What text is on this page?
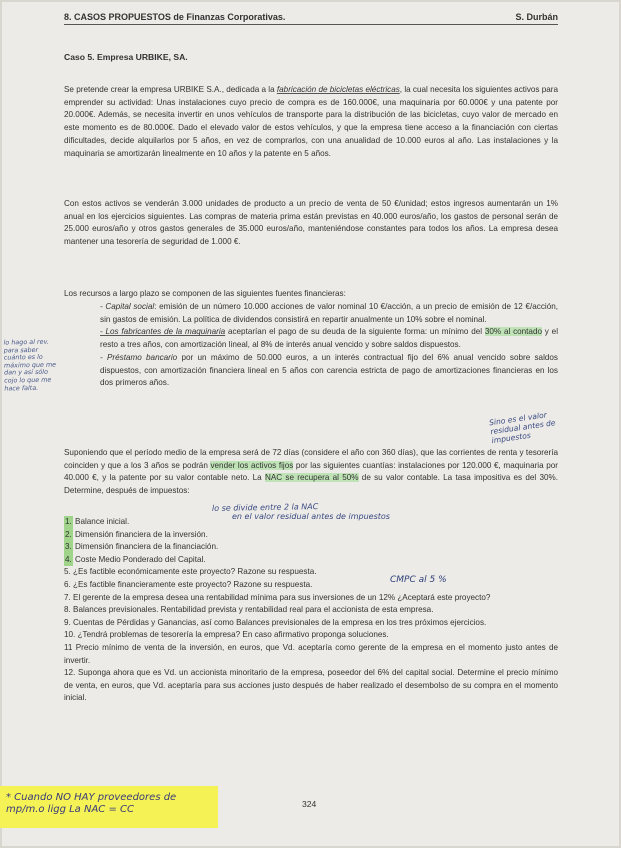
8. CASOS PROPUESTOS de Finanzas Corporativas.	S. Durbán
Caso 5. Empresa URBIKE, SA.

Se pretende crear la empresa URBIKE S.A., dedicada a la fabricación de bicicletas eléctricas, la cual necesita los siguientes activos para emprender su actividad: Unas instalaciones cuyo precio de compra es de 160.000€, una maquinaria por 60.000€ y una patente por 20.000€. Además, se necesita invertir en unos vehículos de transporte para la distribución de las bicicletas, cuyo valor de mercado en este momento es de 80.000€. Dado el elevado valor de estos vehículos, y que la empresa tiene acceso a la financiación con ciertas dificultades, decide alquilarlos por 5 años, en vez de comprarlos, con una anualidad de 10.000 euros al año. Las instalaciones y la maquinaria se amortizarán linealmente en 10 años y la patente en 5 años.

Con estos activos se venderán 3.000 unidades de producto a un precio de venta de 50 €/unidad; estos ingresos aumentarán un 1% anual en los ejercicios siguientes. Las compras de materia prima están previstas en 40.000 euros/año, los gastos de personal serán de 25.000 euros/año y otros gastos generales de 35.000 euros/año, manteniéndose constantes para todos los años. La empresa desea mantener una tesorería de seguridad de 1.000 €.

Los recursos a largo plazo se componen de las siguientes fuentes financieras:

- Capital social: emisión de un número 10.000 acciones de valor nominal 10 €/acción, a un precio de emisión de 12 €/acción, sin gastos de emisión. La política de dividendos consistirá en repartir anualmente un 10% sobre el nominal.

- Los fabricantes de la maquinaria aceptarían el pago de su deuda de la siguiente forma: un mínimo del 30% al contado y el resto a tres años, con amortización lineal, al 8% de interés anual vencido y sobre saldos dispuestos.

- Préstamo bancario por un máximo de 50.000 euros, a un interés contractual fijo del 6% anual vencido sobre saldos dispuestos, con amortización financiera lineal en 5 años con carencia estricta de pago de amortizaciones financieras en los dos primeros años.

Suponiendo que el período medio de la empresa será de 72 días (considere el año con 360 días), que las corrientes de renta y tesorería coinciden y que a los 3 años se podrán vender los activos fijos por las siguientes cuantías: instalaciones por 120.000 €, maquinaria por 40.000 €, y la patente por su valor contable neto. La NAC se recupera al 50% de su valor contable. La tasa impositiva es del 30%. Determine, después de impuestos:

1. Balance inicial.

2. Dimensión financiera de la inversión.

3. Dimensión financiera de la financiación.

4. Coste Medio Ponderado del Capital.

5. ¿Es factible económicamente este proyecto? Razone su respuesta.

6. ¿Es factible financieramente este proyecto? Razone su respuesta.

7. El gerente de la empresa desea una rentabilidad mínima para sus inversiones de un 12% ¿Aceptará este proyecto?

8. Balances previsionales. Rentabilidad prevista y rentabilidad real para el accionista de esta empresa.

9. Cuentas de Pérdidas y Ganancias, así como Balances previsionales de la empresa en los tres próximos ejercicios.

10. ¿Tendrá problemas de tesorería la empresa? En caso afirmativo proponga soluciones.

11 Precio mínimo de venta de la inversión, en euros, que Vd. aceptaría como gerente de la empresa en el momento justo antes de invertir.

12. Suponga ahora que es Vd. un accionista minoritario de la empresa, poseedor del 6% del capital social. Determine el precio mínimo de venta, en euros, que Vd. aceptaría para sus acciones justo después de haber realizado el desembolso de su compra en el momento inicial.

lo hago al rev. para saber cuánto es lo máximo que me dan y así sólo cojo lo que me hace falta.
Sino es el valor residual antes de impuestos
lo se divide entre 2 la NAC
en el valor residual antes de impuestos
CMPC al 5 %
324
* Cuando NO HAY proveedores de mp/m.o ligg La NAC = CC
